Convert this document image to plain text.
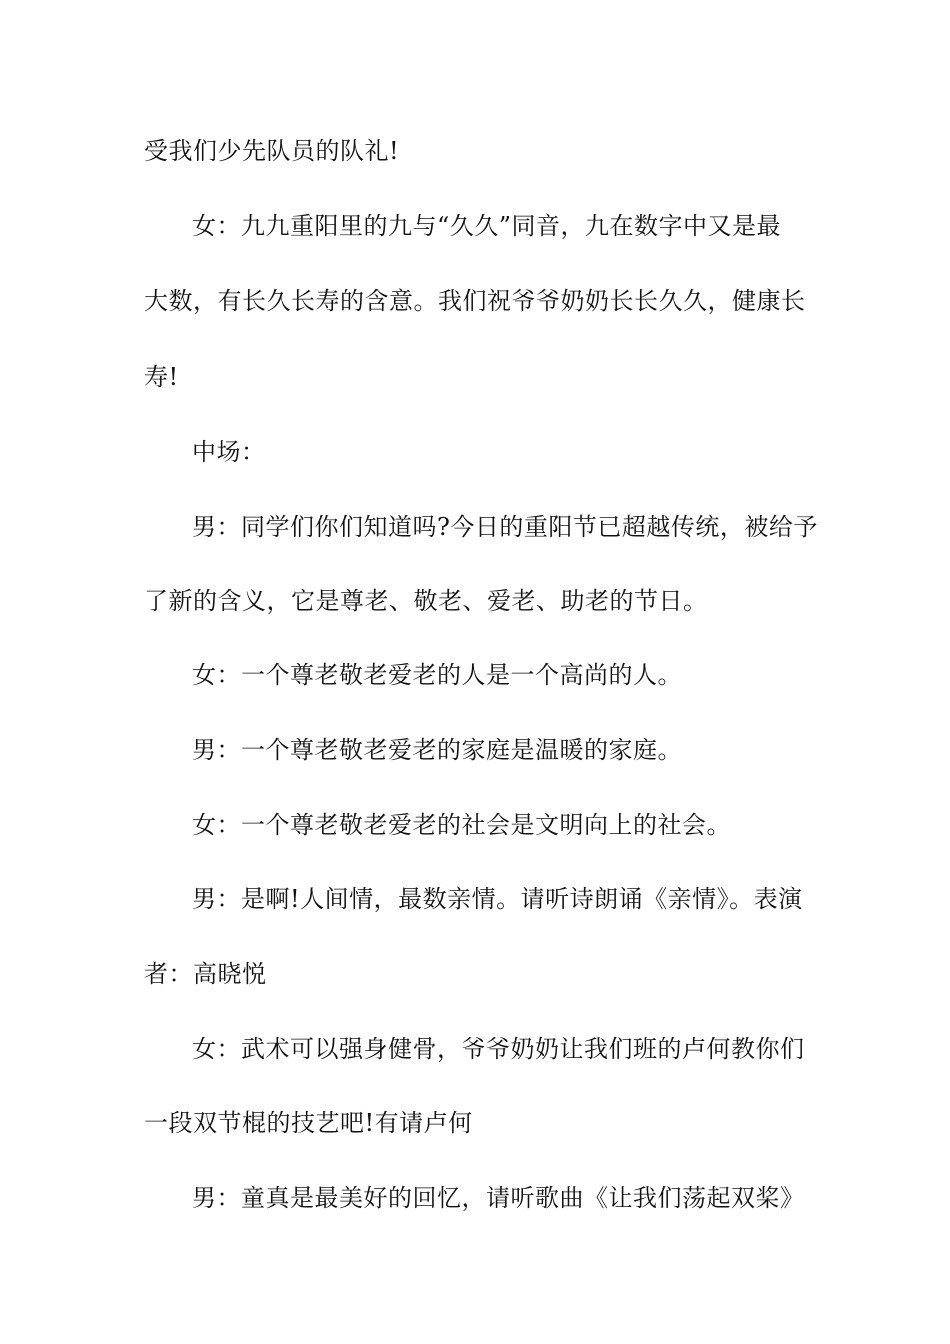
受我们少先队员的队礼!
女：九九重阳里的九与“久久”同音，九在数字中又是最
大数，有长久长寿的含意。我们祝爷爷奶奶长长久久，健康长
寿!
中场：
男：同学们你们知道吗?今日的重阳节已超越传统，被给予
了新的含义，它是尊老、敬老、爱老、助老的节日。
女：一个尊老敬老爱老的人是一个高尚的人。
男：一个尊老敬老爱老的家庭是温暖的家庭。
女：一个尊老敬老爱老的社会是文明向上的社会。
男：是啊!人间情，最数亲情。请听诗朗诵《亲情》。表演
者：高晓悦
女：武术可以强身健骨，爷爷奶奶让我们班的卢何教你们
一段双节棍的技艺吧!有请卢何
男：童真是最美好的回忆，请听歌曲《让我们荡起双桨》
